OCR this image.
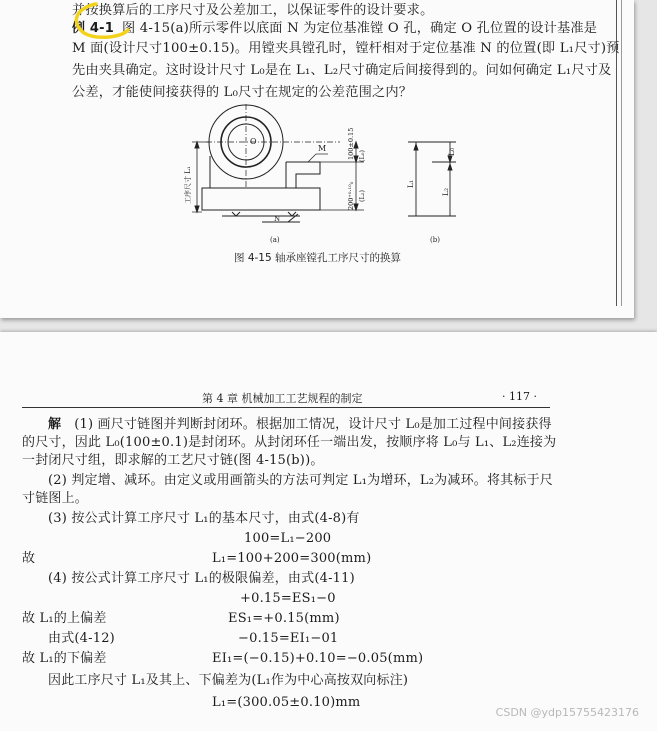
并按换算后的工序尺寸及公差加工，以保证零件的设计要求。
例 4-1 图 4-15(a)所示零件以底面 N 为定位基准镗 O 孔，确定 O 孔位置的设计基准是
M 面(设计尺寸100±0.15)。用镗夹具镗孔时，镗杆相对于定位基准 N 的位置(即 L₁尺寸)预
先由夹具确定。这时设计尺寸 L₀是在 L₁、L₂尺寸确定后间接得到的。问如何确定 L₁尺寸及
公差，才能使间接获得的 L₀尺寸在规定的公差范围之内？
O
M
N
工序尺寸 L₁
100±0.15 (L₀)
200⁺⁰·¹⁰₀ (L₂)
(a)
L₀
L₁
L₂
(b)
图 4-15 轴承座镗孔工序尺寸的换算
第 4 章 机械加工工艺规程的制定	· 117 ·
解 (1) 画尺寸链图并判断封闭环。根据加工情况，设计尺寸 L₀是加工过程中间接获得
的尺寸，因此 L₀(100±0.1)是封闭环。从封闭环任一端出发，按顺序将 L₀与 L₁、L₂连接为
一封闭尺寸组，即求解的工艺尺寸链(图 4-15(b))。
(2) 判定增、减环。由定义或用画箭头的方法可判定 L₁为增环，L₂为减环。将其标于尺
寸链图上。
(3) 按公式计算工序尺寸 L₁的基本尺寸，由式(4-8)有
100=L₁−200
故	L₁=100+200=300(mm)
(4) 按公式计算工序尺寸 L₁的极限偏差，由式(4-11)
+0.15=ES₁−0
故 L₁的上偏差	ES₁=+0.15(mm)
由式(4-12)	−0.15=EI₁−01
故 L₁的下偏差	EI₁=(−0.15)+0.10=−0.05(mm)
因此工序尺寸 L₁及其上、下偏差为(L₁作为中心高按双向标注)
L₁=(300.05±0.10)mm
CSDN @ydp15755423176
